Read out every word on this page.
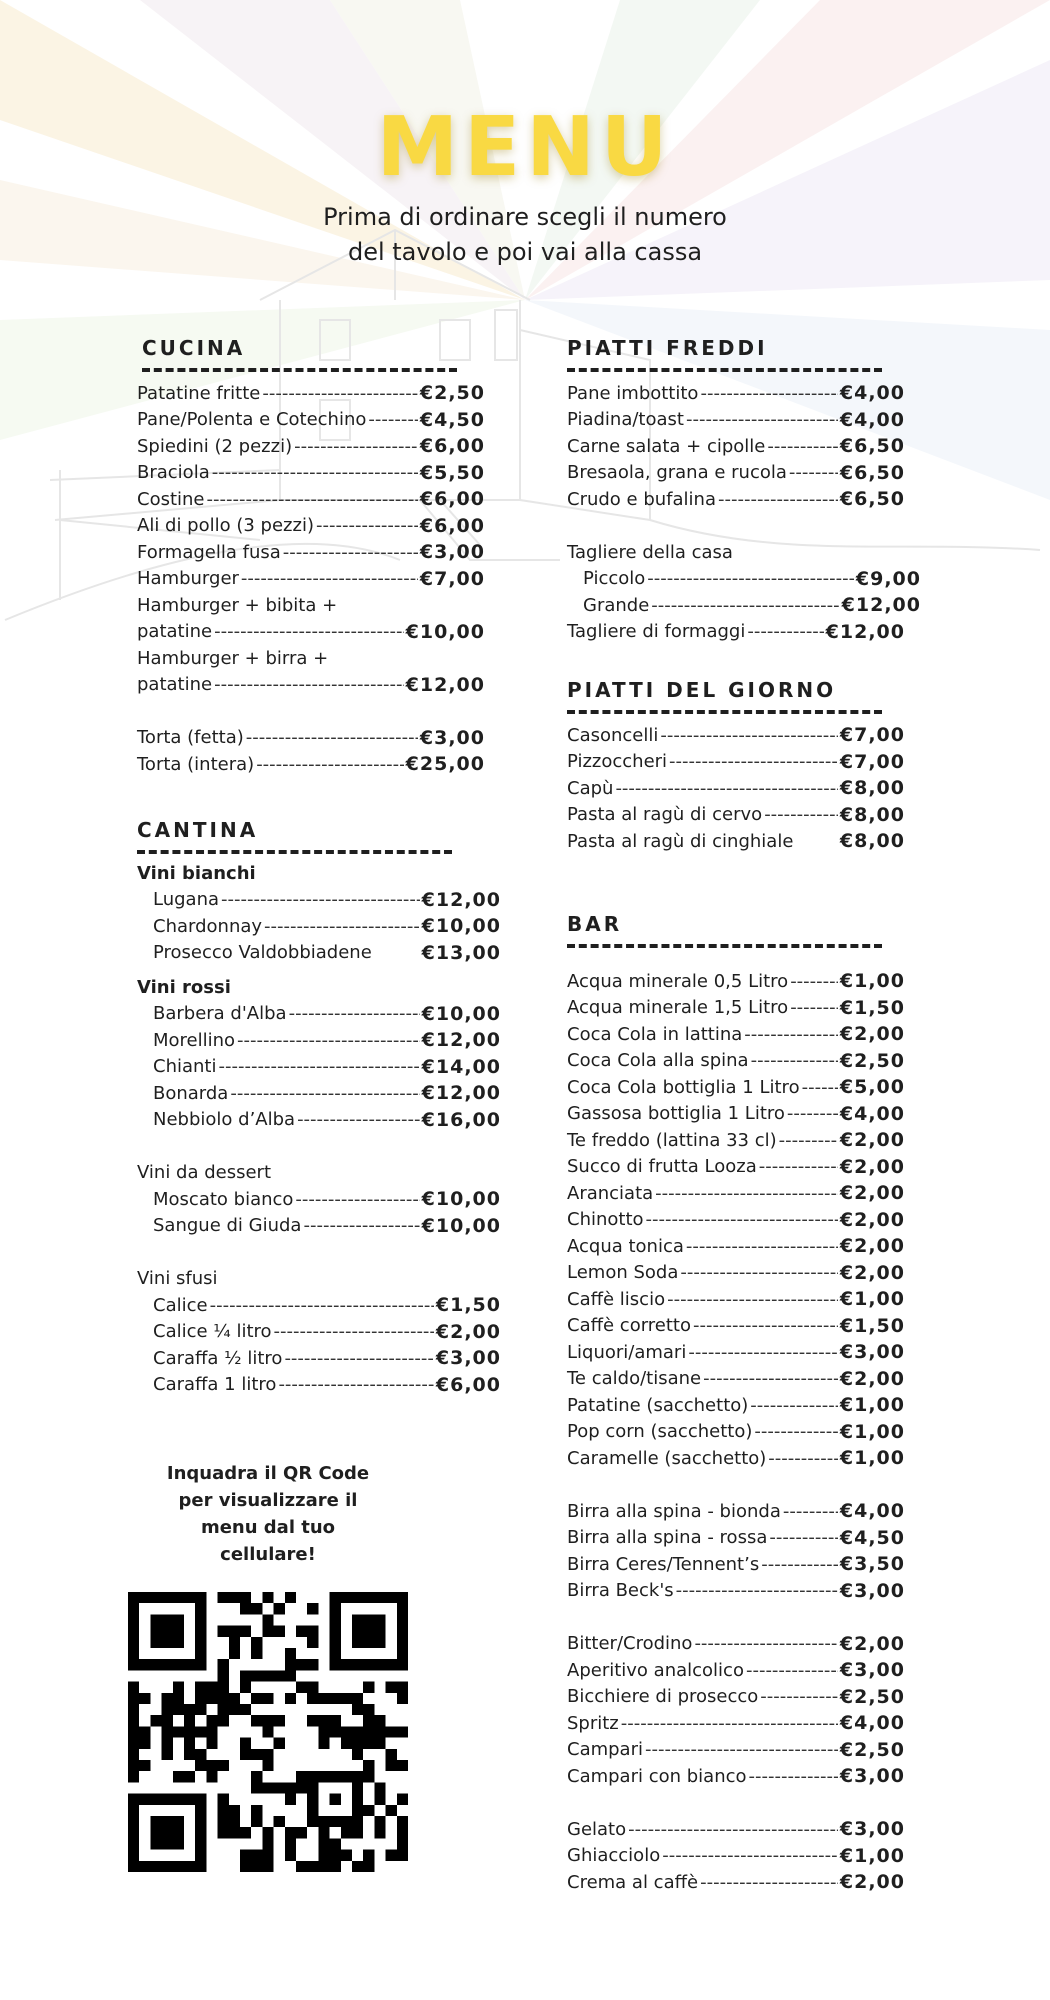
MENU
Prima di ordinare scegli il numero
del tavolo e poi vai alla cassa
CUCINA
Patatine fritte -----	€2,50
Pane/Polenta e Cotechino -----	€4,50
Spiedini (2 pezzi) -----	€6,00
Braciola -----	€5,50
Costine -----	€6,00
Ali di pollo (3 pezzi) -----	€6,00
Formagella fusa -----	€3,00
Hamburger -----	€7,00
Hamburger + bibita +
patatine -----	€10,00
Hamburger + birra +
patatine -----	€12,00
Torta (fetta) -----	€3,00
Torta (intera) -----	€25,00
CANTINA
Vini bianchi
Lugana -----	€12,00
Chardonnay -----	€10,00
Prosecco Valdobbiadene	€13,00
Vini rossi
Barbera d'Alba -----	€10,00
Morellino -----	€12,00
Chianti -----	€14,00
Bonarda -----	€12,00
Nebbiolo d’Alba -----	€16,00
Vini da dessert
Moscato bianco -----	€10,00
Sangue di Giuda -----	€10,00
Vini sfusi
Calice -----	€1,50
Calice ¼ litro -----	€2,00
Caraffa ½ litro -----	€3,00
Caraffa 1 litro -----	€6,00
Inquadra il QR Code
per visualizzare il
menu dal tuo
cellulare!
PIATTI FREDDI
Pane imbottito -----	€4,00
Piadina/toast -----	€4,00
Carne salata + cipolle -----	€6,50
Bresaola, grana e rucola -----	€6,50
Crudo e bufalina -----	€6,50
Tagliere della casa
Piccolo -----	€9,00
Grande -----	€12,00
Tagliere di formaggi -----	€12,00
PIATTI DEL GIORNO
Casoncelli -----	€7,00
Pizzoccheri -----	€7,00
Capù -----	€8,00
Pasta al ragù di cervo -----	€8,00
Pasta al ragù di cinghiale €8,00
BAR
Acqua minerale 0,5 Litro -----	€1,00
Acqua minerale 1,5 Litro -----	€1,50
Coca Cola in lattina -----	€2,00
Coca Cola alla spina -----	€2,50
Coca Cola bottiglia 1 Litro ----- €5,00
Gassosa bottiglia 1 Litro -----	€4,00
Te freddo (lattina 33 cl) -----	€2,00
Succo di frutta Looza -----	€2,00
Aranciata -----	€2,00
Chinotto -----	€2,00
Acqua tonica -----	€2,00
Lemon Soda -----	€2,00
Caffè liscio -----	€1,00
Caffè corretto -----	€1,50
Liquori/amari -----	€3,00
Te caldo/tisane -----	€2,00
Patatine (sacchetto) -----	€1,00
Pop corn (sacchetto) -----	€1,00
Caramelle (sacchetto) -----	€1,00
Birra alla spina - bionda -----	€4,00
Birra alla spina - rossa -----	€4,50
Birra Ceres/Tennent’s -----	€3,50
Birra Beck's -----	€3,00
Bitter/Crodino -----	€2,00
Aperitivo analcolico -----	€3,00
Bicchiere di prosecco -----	€2,50
Spritz -----	€4,00
Campari -----	€2,50
Campari con bianco -----	€3,00
Gelato -----	€3,00
Ghiacciolo -----	€1,00
Crema al caffè -----	€2,00
